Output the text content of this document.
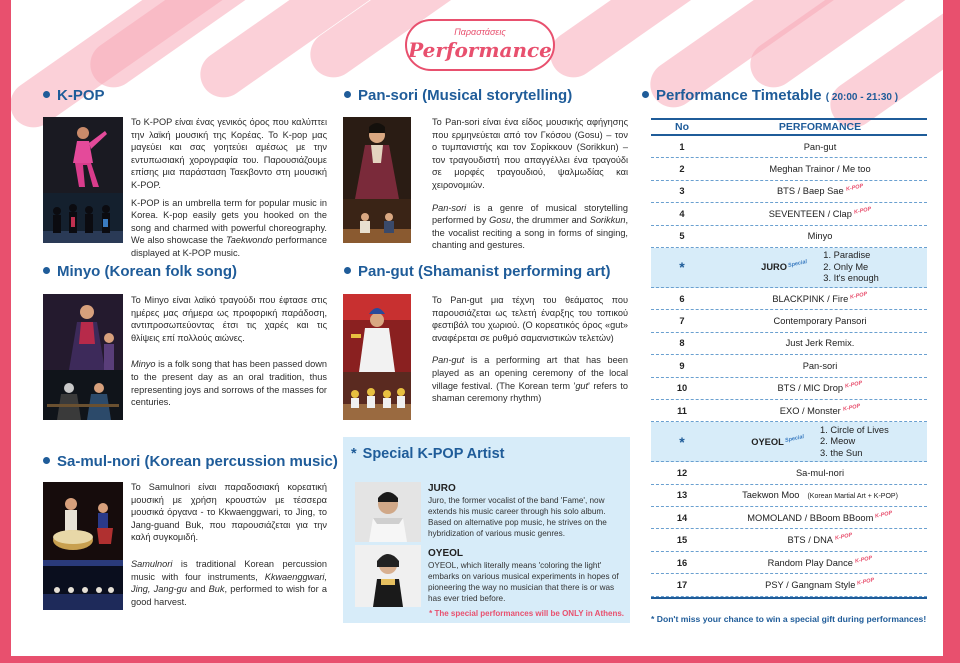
Παραστάσεις
Performance
K-POP

Το K-POP είναι ένας γενικός όρος που καλύπτει την λαϊκή μουσική της Κορέας. Το K-pop μας μαγεύει και σας γοητεύει αμέσως με την εντυπωσιακή χορογραφία του. Παρουσιάζουμε επίσης μια παράσταση Ταεκβοντο στη μουσική K-POP.

K-POP is an umbrella term for popular music in Korea. K-pop easily gets you hooked on the song and charmed with powerful choreography. We also showcase the Taekwondo performance displayed at K-POP music.

Minyo (Korean folk song)

Το Minyo είναι λαϊκό τραγούδι που έφτασε στις ημέρες μας σήμερα ως προφορική παράδοση, αντιπροσωπεύοντας έτσι τις χαρές και τις θλίψεις επί πολλούς αιώνες.

Minyo is a folk song that has been passed down to the present day as an oral tradition, thus representing joys and sorrows of the masses for centuries.

Sa-mul-nori (Korean percussion music)

Το Samulnori είναι παραδοσιακή κορεατική μουσική με χρήση κρουστών με τέσσερα μουσικά όργανα - το Kkwaenggwari, το Jing, το Jang-guand Buk, που παρουσιάζεται για την καλή συγκομιδή.

Samulnori is traditional Korean percussion music with four instruments, Kkwaenggwari, Jing, Jang-gu and Buk, performed to wish for a good harvest.

Pan-sori (Musical storytelling)

Το Pan-sori είναι ένα είδος μουσικής αφήγησης που ερμηνεύεται από τον Γκόσου (Gosu) – τον ο τυμπανιστής και τον Σορίκκουν (Sorikkun) – τον τραγουδιστή που απαγγέλλει ένα τραγούδι σε μορφές τραγουδιού, ψαλμωδίας και χειρονομιών.

Pan-sori is a genre of musical storytelling performed by Gosu, the drummer and Sorikkun, the vocalist reciting a song in forms of singing, chanting and gestures.

Pan-gut (Shamanist performing art)

Το Pan-gut μια τέχνη του θεάματος που παρουσιάζεται ως τελετή έναρξης του τοπικού φεστιβάλ του χωριού. (Ο κορεατικός όρος «gut» αναφέρεται σε ρυθμό σαμανιστικών τελετών)

Pan-gut is a performing art that has been played as an opening ceremony of the local village festival. (The Korean term 'gut' refers to shaman ceremony rhythm)

* Special K-POP Artist
JURO
Juro, the former vocalist of the band 'Fame', now extends his music career through his solo album. Based on alternative pop music, he strives on the hybridization of various music genres.
OYEOL
OYEOL, which literally means 'coloring the light' embarks on various musical experiments in hopes of pioneering the way no musician that there is or was has ever tried before.
* The special performances will be ONLY in Athens.
Performance Timetable ( 20:00 - 21:30 )
No	PERFORMANCE
1	Pan-gut
2	Meghan Trainor / Me too
3	BTS / Baep Sae K-POP
4	SEVENTEEN / Clap K-POP
5	Minyo
*	JUROSpecial
1. Paradise
2. Only Me
3. It's enough
6	BLACKPINK / Fire K-POP
7	Contemporary Pansori
8	Just Jerk Remix.
9	Pan-sori
10	BTS / MIC Drop K-POP
11	EXO / Monster K-POP
*	OYEOLSpecial
1. Circle of Lives
2. Meow
3. the Sun
12	Sa-mul-nori
13	Taekwon Moo (Korean Martial Art + K-POP)
14	MOMOLAND / BBoom BBoom K-POP
15	BTS / DNA K-POP
16	Random Play Dance K-POP
17	PSY / Gangnam Style K-POP
* Don't miss your chance to win a special gift during performances!
